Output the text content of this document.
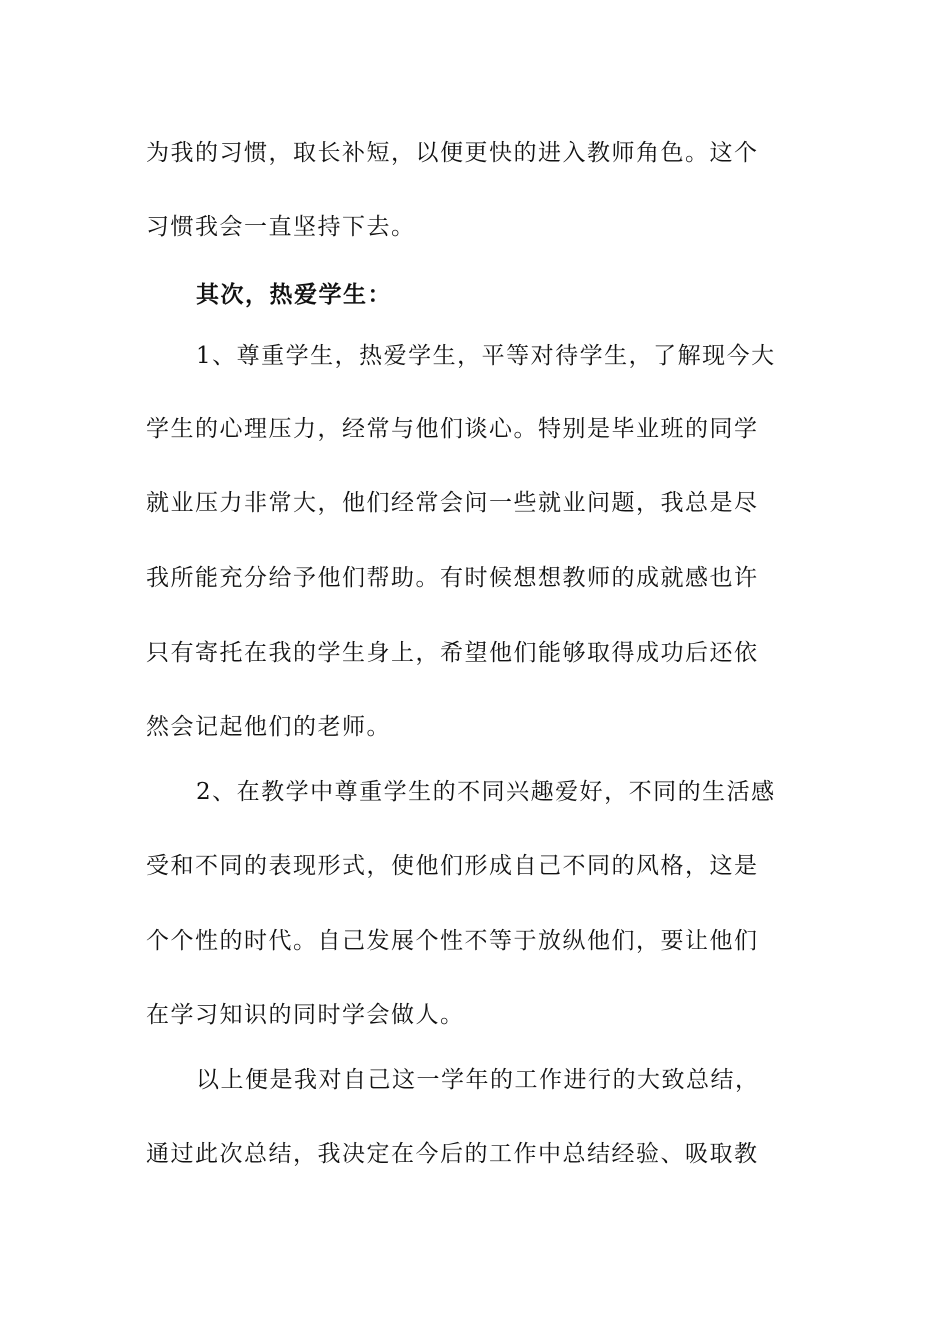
为我的习惯，取长补短，以便更快的进入教师角色。这个
习惯我会一直坚持下去。
其次，热爱学生：
1、尊重学生，热爱学生，平等对待学生，了解现今大
学生的心理压力，经常与他们谈心。特别是毕业班的同学
就业压力非常大，他们经常会问一些就业问题，我总是尽
我所能充分给予他们帮助。有时候想想教师的成就感也许
只有寄托在我的学生身上，希望他们能够取得成功后还依
然会记起他们的老师。
2、在教学中尊重学生的不同兴趣爱好，不同的生活感
受和不同的表现形式，使他们形成自己不同的风格，这是
个个性的时代。自己发展个性不等于放纵他们，要让他们
在学习知识的同时学会做人。
以上便是我对自己这一学年的工作进行的大致总结，
通过此次总结，我决定在今后的工作中总结经验、吸取教
